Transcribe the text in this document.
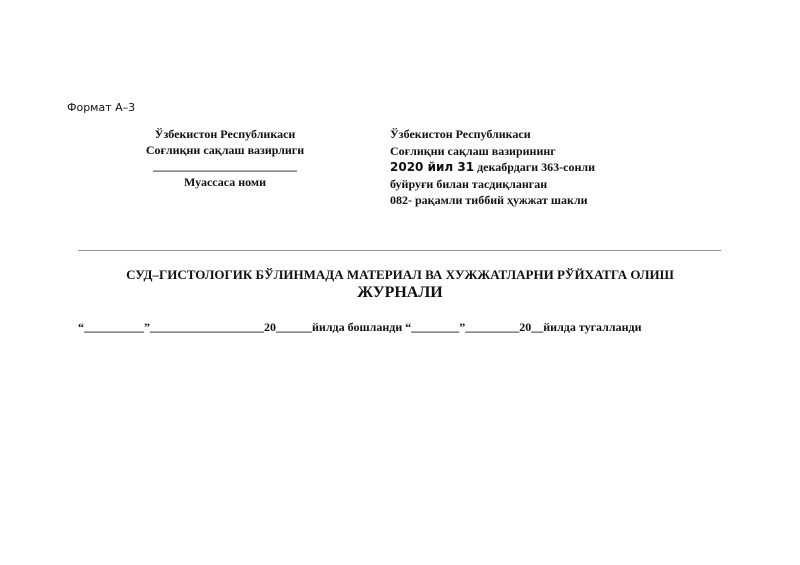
Формат А–3
Ўзбекистон Республикаси
Соғлиқни сақлаш вазирлиги
________________________
Муассаса номи
Ўзбекистон Республикаси
Соғлиқни сақлаш вазирининг
2020 йил 31 декабрдаги 363-сонли
буйруғи билан тасдиқланган
082- рақамли тиббий ҳужжат шакли
СУД–ГИСТОЛОГИК БЎЛИНМАДА МАТЕРИАЛ ВА ХУЖЖАТЛАРНИ РЎЙХАТГА ОЛИШ
ЖУРНАЛИ
“__________”___________________20______йилда бошланди “________”_________20__йилда тугалланди
